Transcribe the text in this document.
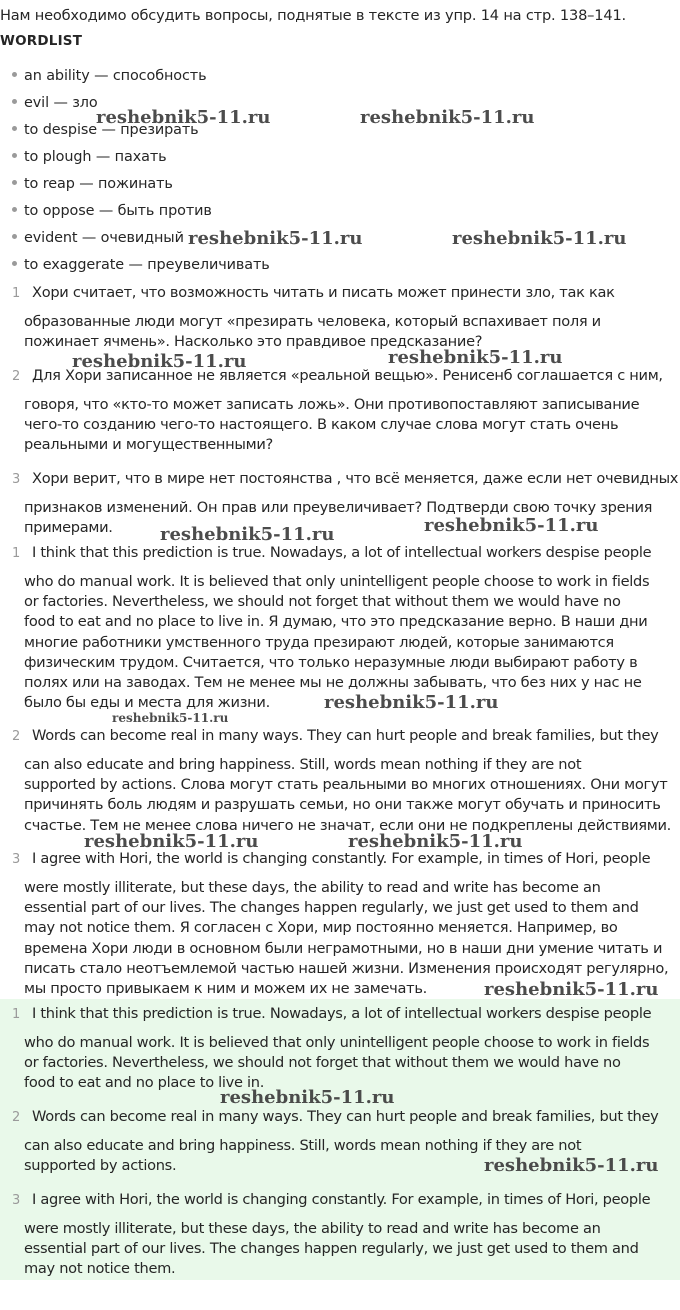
Нам необходимо обсудить вопросы, поднятые в тексте из упр. 14 на стр. 138–141.
WORDLIST
an ability — способность
evil — зло
to despise — презирать
to plough — пахать
to reap — пожинать
to oppose — быть против
evident — очевидный
to exaggerate — преувеличивать
1 Хори считает, что возможность читать и писать может принести зло, так как
образованные люди могут «презирать человека, который вспахивает поля и
пожинает ячмень». Насколько это правдивое предсказание?
2 Для Хори записанное не является «реальной вещью». Ренисенб соглашается с ним,
говоря, что «кто-то может записать ложь». Они противопоставляют записывание
чего-то созданию чего-то настоящего. В каком случае слова могут стать очень
реальными и могущественными?
3 Хори верит, что в мире нет постоянства , что всё меняется, даже если нет очевидных
признаков изменений. Он прав или преувеличивает? Подтверди свою точку зрения
примерами.
1 I think that this prediction is true. Nowadays, a lot of intellectual workers despise people
who do manual work. It is believed that only unintelligent people choose to work in fields
or factories. Nevertheless, we should not forget that without them we would have no
food to eat and no place to live in. Я думаю, что это предсказание верно. В наши дни
многие работники умственного труда презирают людей, которые занимаются
физическим трудом. Считается, что только неразумные люди выбирают работу в
полях или на заводах. Тем не менее мы не должны забывать, что без них у нас не
было бы еды и места для жизни.
2 Words can become real in many ways. They can hurt people and break families, but they
can also educate and bring happiness. Still, words mean nothing if they are not
supported by actions. Слова могут стать реальными во многих отношениях. Они могут
причинять боль людям и разрушать семьи, но они также могут обучать и приносить
счастье. Тем не менее слова ничего не значат, если они не подкреплены действиями.
3 I agree with Hori, the world is changing constantly. For example, in times of Hori, people
were mostly illiterate, but these days, the ability to read and write has become an
essential part of our lives. The changes happen regularly, we just get used to them and
may not notice them. Я согласен с Хори, мир постоянно меняется. Например, во
времена Хори люди в основном были неграмотными, но в наши дни умение читать и
писать стало неотъемлемой частью нашей жизни. Изменения происходят регулярно,
мы просто привыкаем к ним и можем их не замечать.
1 I think that this prediction is true. Nowadays, a lot of intellectual workers despise people
who do manual work. It is believed that only unintelligent people choose to work in fields
or factories. Nevertheless, we should not forget that without them we would have no
food to eat and no place to live in.
2 Words can become real in many ways. They can hurt people and break families, but they
can also educate and bring happiness. Still, words mean nothing if they are not
supported by actions.
3 I agree with Hori, the world is changing constantly. For example, in times of Hori, people
were mostly illiterate, but these days, the ability to read and write has become an
essential part of our lives. The changes happen regularly, we just get used to them and
may not notice them.
reshebnik5-11.ru	reshebnik5-11.ru
reshebnik5-11.ru	reshebnik5-11.ru
reshebnik5-11.ru	reshebnik5-11.ru
reshebnik5-11.ru	reshebnik5-11.ru
reshebnik5-11.ru
reshebnik5-11.ru
reshebnik5-11.ru	reshebnik5-11.ru
reshebnik5-11.ru
reshebnik5-11.ru
reshebnik5-11.ru
